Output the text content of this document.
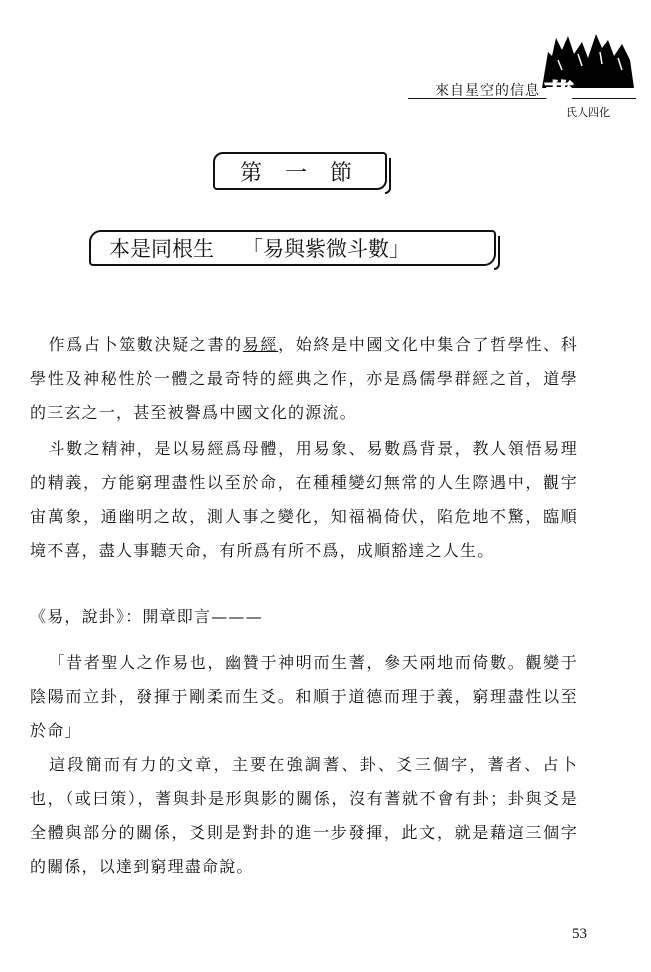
來自星空的信息 華
氏人四化
第 一 節
本是同根生 「易與紫微斗數」
作爲占卜筮數決疑之書的易經，始終是中國文化中集合了哲學性、科學性及神秘性於一體之最奇特的經典之作，亦是爲儒學群經之首，道學的三玄之一，甚至被譽爲中國文化的源流。
斗數之精神，是以易經爲母體，用易象、易數爲背景，教人領悟易理的精義，方能窮理盡性以至於命，在種種變幻無常的人生際遇中，觀宇宙萬象，通幽明之故，測人事之變化，知福禍倚伏，陷危地不驚，臨順境不喜，盡人事聽天命，有所爲有所不爲，成順豁達之人生。
《易，說卦》：開章即言———
「昔者聖人之作易也，幽贊于神明而生蓍，參天兩地而倚數。觀變于陰陽而立卦，發揮于剛柔而生爻。和順于道德而理于義，窮理盡性以至於命」
這段簡而有力的文章，主要在強調蓍、卦、爻三個字，蓍者、占卜也，（或曰策），蓍與卦是形與影的關係，沒有蓍就不會有卦；卦與爻是全體與部分的關係，爻則是對卦的進一步發揮，此文，就是藉這三個字的關係，以達到窮理盡命說。
53
